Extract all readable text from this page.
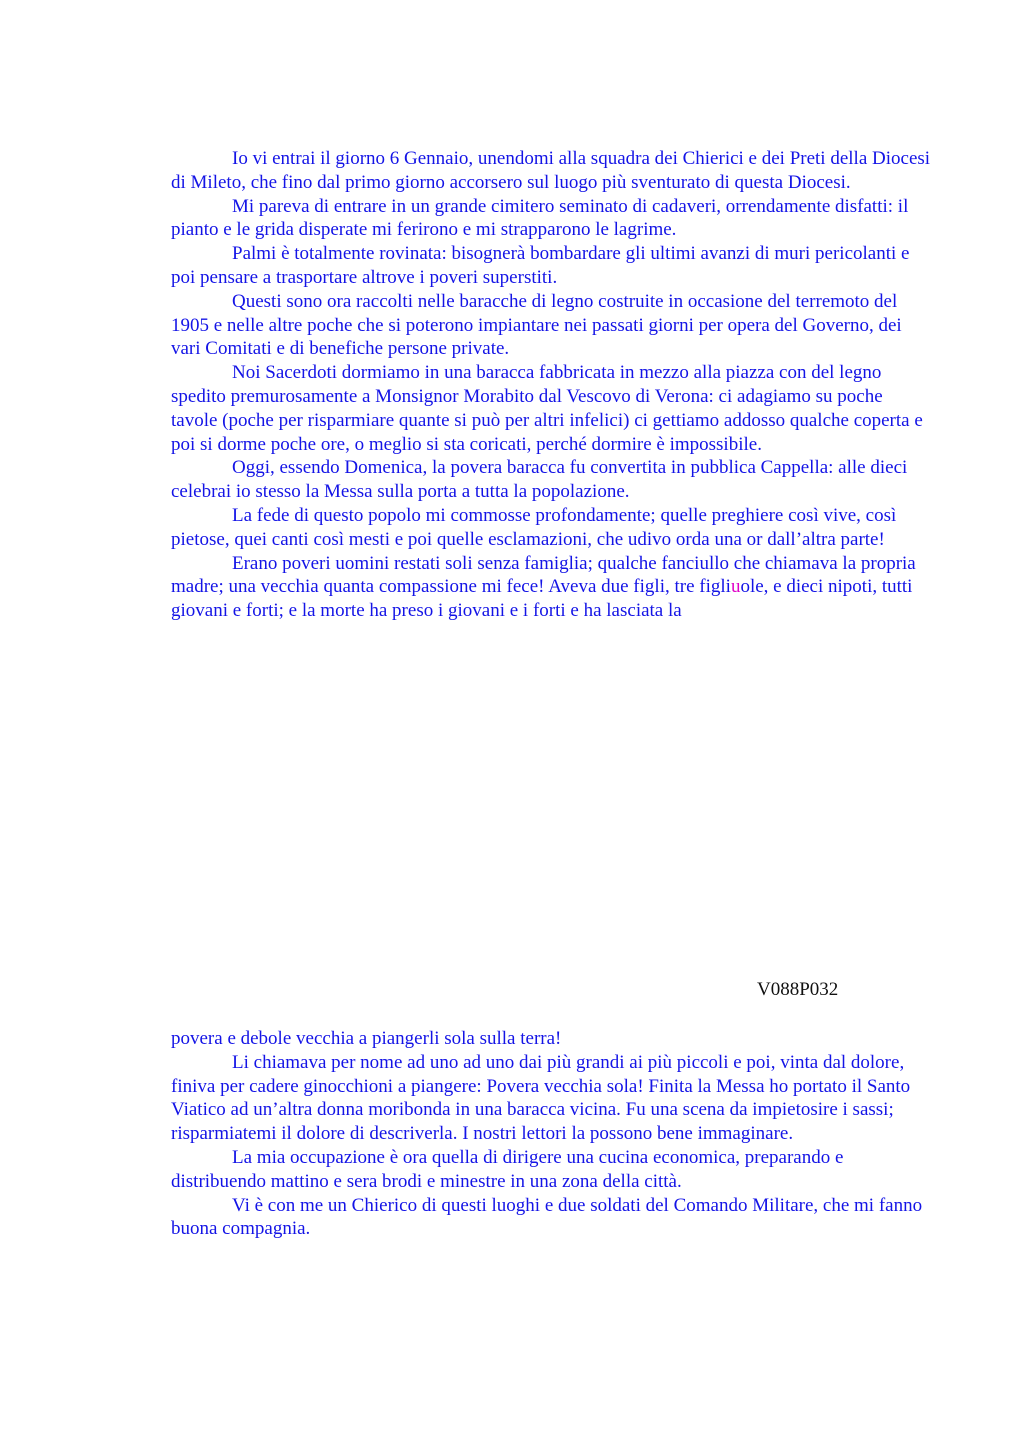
Io vi entrai il giorno 6 Gennaio, unendomi alla squadra dei Chierici e dei Preti della Diocesi di Mileto, che fino dal primo giorno accorsero sul luogo più sventurato di questa Diocesi.

Mi pareva di entrare in un grande cimitero seminato di cadaveri, orrendamente disfatti: il pianto e le grida disperate mi ferirono e mi strapparono le lagrime.

Palmi è totalmente rovinata: bisognerà bombardare gli ultimi avanzi di muri pericolanti e poi pensare a trasportare altrove i poveri superstiti.

Questi sono ora raccolti nelle baracche di legno costruite in occasione del terremoto del 1905 e nelle altre poche che si poterono impiantare nei passati giorni per opera del Governo, dei vari Comitati e di benefiche persone private.

Noi Sacerdoti dormiamo in una baracca fabbricata in mezzo alla piazza con del legno spedito premurosamente a Monsignor Morabito dal Vescovo di Verona: ci adagiamo su poche tavole (poche per risparmiare quante si può per altri infelici) ci gettiamo addosso qualche coperta e poi si dorme poche ore, o meglio si sta coricati, perché dormire è impossibile.

Oggi, essendo Domenica, la povera baracca fu convertita in pubblica Cappella: alle dieci celebrai io stesso la Messa sulla porta a tutta la popolazione.

La fede di questo popolo mi commosse profondamente; quelle preghiere così vive, così pietose, quei canti così mesti e poi quelle esclamazioni, che udivo orda una or dall’altra parte!

Erano poveri uomini restati soli senza famiglia; qualche fanciullo che chiamava la propria madre; una vecchia quanta compassione mi fece! Aveva due figli, tre figliuole, e dieci nipoti, tutti giovani e forti; e la morte ha preso i giovani e i forti e ha lasciata la

V088P032

povera e debole vecchia a piangerli sola sulla terra!

Li chiamava per nome ad uno ad uno dai più grandi ai più piccoli e poi, vinta dal dolore, finiva per cadere ginocchioni a piangere: Povera vecchia sola! Finita la Messa ho portato il Santo Viatico ad un’altra donna moribonda in una baracca vicina. Fu una scena da impietosire i sassi; risparmiatemi il dolore di descriverla. I nostri lettori la possono bene immaginare.

La mia occupazione è ora quella di dirigere una cucina economica, preparando e distribuendo mattino e sera brodi e minestre in una zona della città.

Vi è con me un Chierico di questi luoghi e due soldati del Comando Militare, che mi fanno buona compagnia.
